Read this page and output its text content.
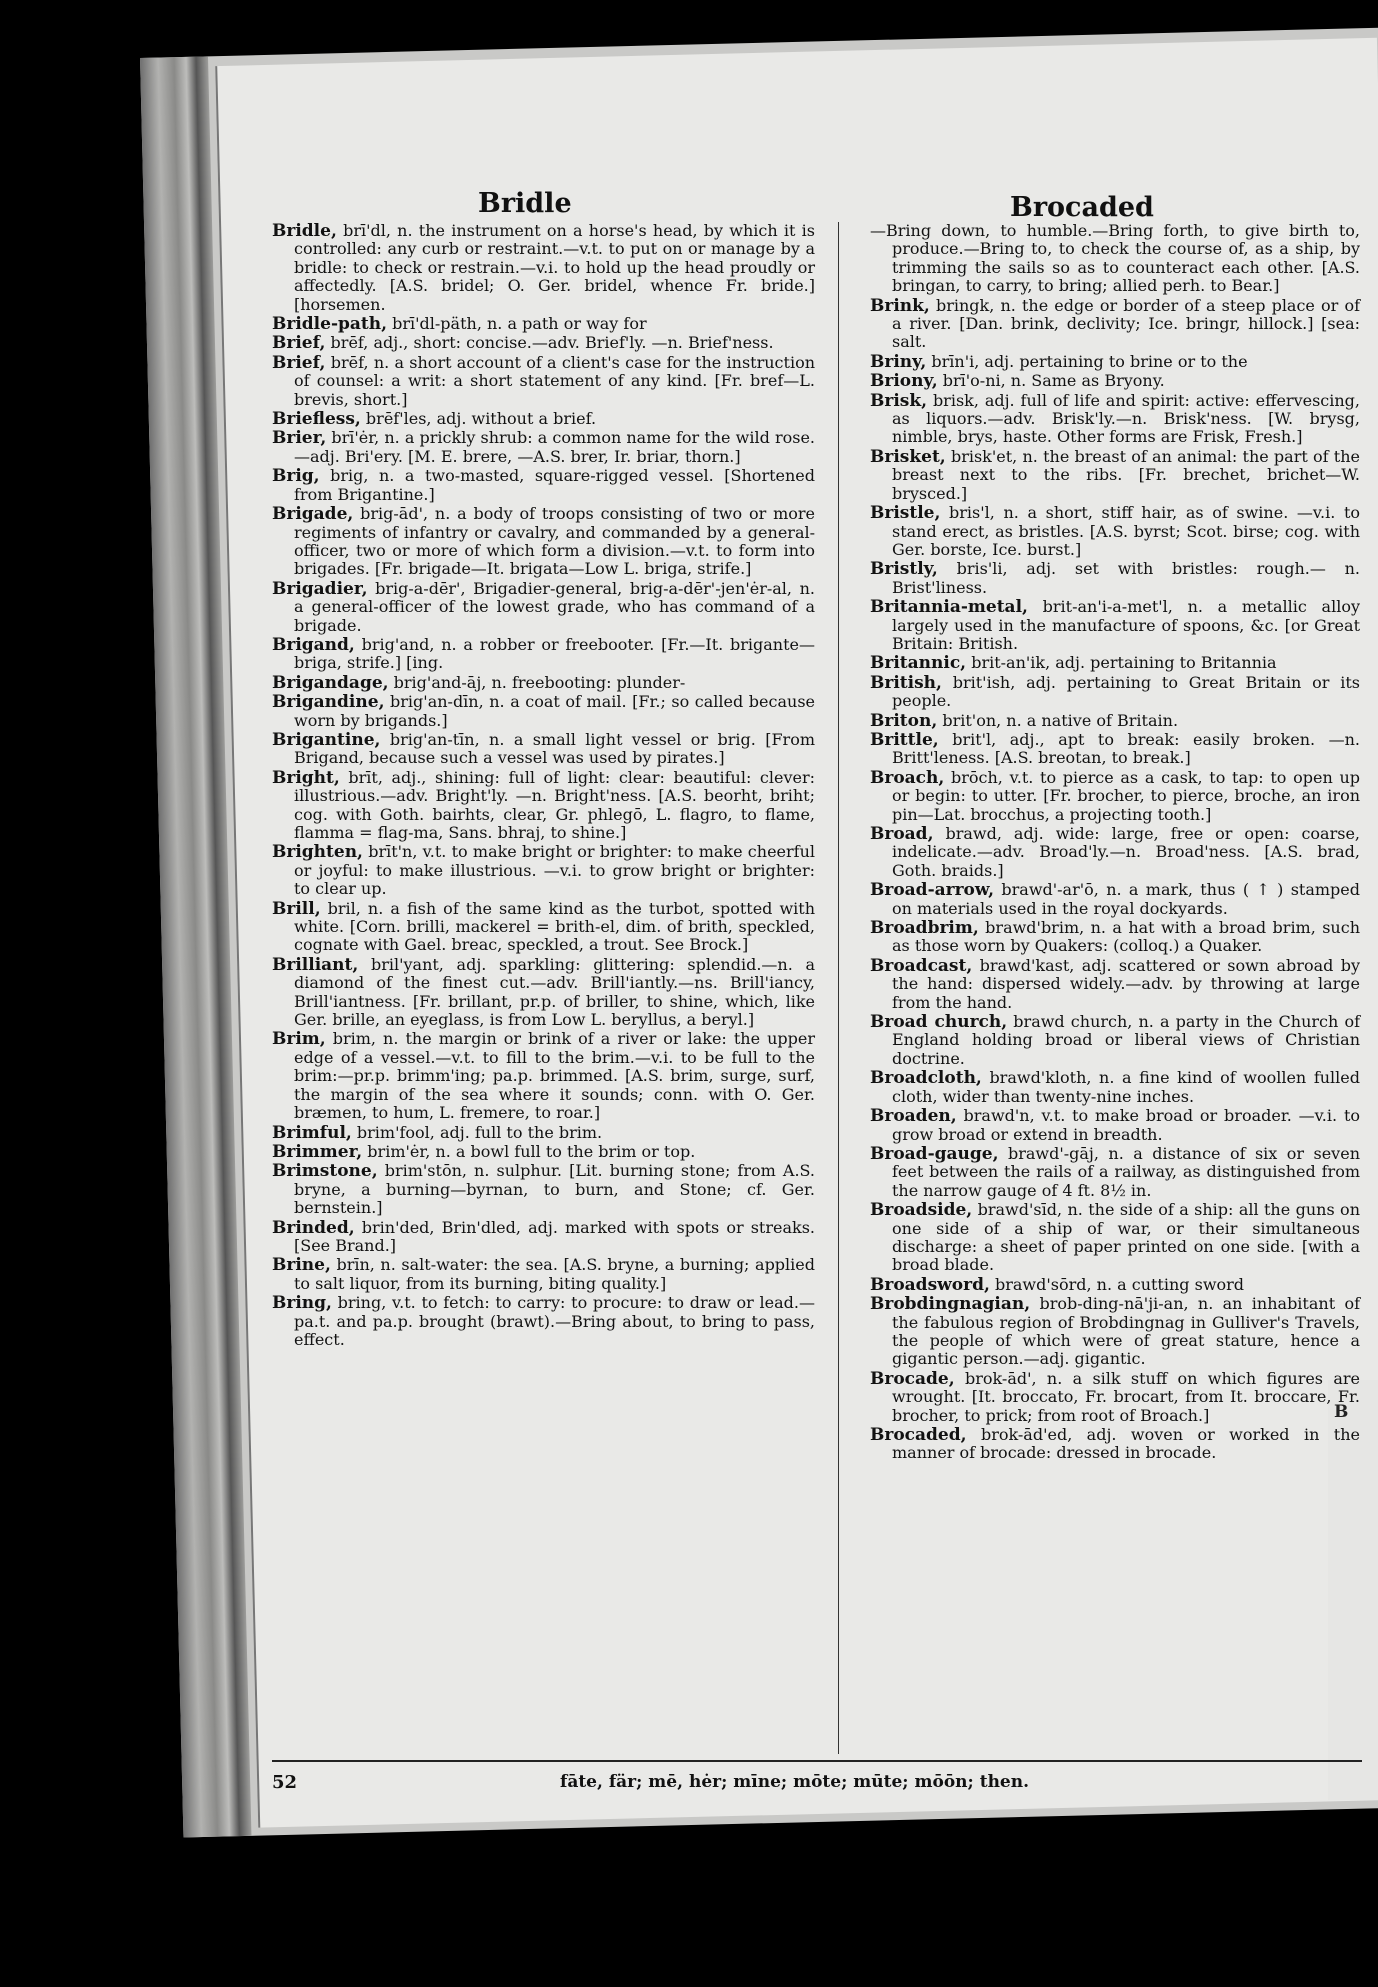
B
Bridle	Brocaded

Bridle, brī'dl, n. the instrument on a horse's head, by which it is controlled: any curb or restraint.—v.t. to put on or manage by a bridle: to check or restrain.—v.i. to hold up the head proudly or affectedly. [A.S. bridel; O. Ger. bridel, whence Fr. bride.] [horsemen.

Bridle-path, brī'dl-päth, n. a path or way for

Brief, brēf, adj., short: concise.—adv. Brief'ly. —n. Brief'ness.

Brief, brēf, n. a short account of a client's case for the instruction of counsel: a writ: a short statement of any kind. [Fr. bref—L. brevis, short.]

Briefless, brēf'les, adj. without a brief.

Brier, brī'ėr, n. a prickly shrub: a common name for the wild rose.—adj. Bri'ery. [M. E. brere, —A.S. brer, Ir. briar, thorn.]

Brig, brig, n. a two-masted, square-rigged vessel. [Shortened from Brigantine.]

Brigade, brig-ād', n. a body of troops consisting of two or more regiments of infantry or cavalry, and commanded by a general-officer, two or more of which form a division.—v.t. to form into brigades. [Fr. brigade—It. brigata—Low L. briga, strife.]

Brigadier, brig-a-dēr', Brigadier-general, brig-a-dēr'-jen'ėr-al, n. a general-officer of the lowest grade, who has command of a brigade.

Brigand, brig'and, n. a robber or freebooter. [Fr.—It. brigante—briga, strife.] [ing.

Brigandage, brig'and-āj, n. freebooting: plunder-

Brigandine, brig'an-dīn, n. a coat of mail. [Fr.; so called because worn by brigands.]

Brigantine, brig'an-tīn, n. a small light vessel or brig. [From Brigand, because such a vessel was used by pirates.]

Bright, brīt, adj., shining: full of light: clear: beautiful: clever: illustrious.—adv. Bright'ly. —n. Bright'ness. [A.S. beorht, briht; cog. with Goth. bairhts, clear, Gr. phlegō, L. flagro, to flame, flamma = flag-ma, Sans. bhraj, to shine.]

Brighten, brīt'n, v.t. to make bright or brighter: to make cheerful or joyful: to make illustrious. —v.i. to grow bright or brighter: to clear up.

Brill, bril, n. a fish of the same kind as the turbot, spotted with white. [Corn. brilli, mackerel = brith-el, dim. of brith, speckled, cognate with Gael. breac, speckled, a trout. See Brock.]

Brilliant, bril'yant, adj. sparkling: glittering: splendid.—n. a diamond of the finest cut.—adv. Brill'iantly.—ns. Brill'iancy, Brill'iantness. [Fr. brillant, pr.p. of briller, to shine, which, like Ger. brille, an eyeglass, is from Low L. beryllus, a beryl.]

Brim, brim, n. the margin or brink of a river or lake: the upper edge of a vessel.—v.t. to fill to the brim.—v.i. to be full to the brim:—pr.p. brimm'ing; pa.p. brimmed. [A.S. brim, surge, surf, the margin of the sea where it sounds; conn. with O. Ger. bræmen, to hum, L. fremere, to roar.]

Brimful, brim'fool, adj. full to the brim.

Brimmer, brim'ėr, n. a bowl full to the brim or top.

Brimstone, brim'stōn, n. sulphur. [Lit. burning stone; from A.S. bryne, a burning—byrnan, to burn, and Stone; cf. Ger. bernstein.]

Brinded, brin'ded, Brin'dled, adj. marked with spots or streaks. [See Brand.]

Brine, brīn, n. salt-water: the sea. [A.S. bryne, a burning; applied to salt liquor, from its burning, biting quality.]

Bring, bring, v.t. to fetch: to carry: to procure: to draw or lead.—pa.t. and pa.p. brought (brawt).—Bring about, to bring to pass, effect.

—Bring down, to humble.—Bring forth, to give birth to, produce.—Bring to, to check the course of, as a ship, by trimming the sails so as to counteract each other. [A.S. bringan, to carry, to bring; allied perh. to Bear.]

Brink, bringk, n. the edge or border of a steep place or of a river. [Dan. brink, declivity; Ice. bringr, hillock.] [sea: salt.

Briny, brīn'i, adj. pertaining to brine or to the

Briony, brī'o-ni, n. Same as Bryony.

Brisk, brisk, adj. full of life and spirit: active: effervescing, as liquors.—adv. Brisk'ly.—n. Brisk'ness. [W. brysg, nimble, brys, haste. Other forms are Frisk, Fresh.]

Brisket, brisk'et, n. the breast of an animal: the part of the breast next to the ribs. [Fr. brechet, brichet—W. brysced.]

Bristle, bris'l, n. a short, stiff hair, as of swine. —v.i. to stand erect, as bristles. [A.S. byrst; Scot. birse; cog. with Ger. borste, Ice. burst.]

Bristly, bris'li, adj. set with bristles: rough.— n. Brist'liness.

Britannia-metal, brit-an'i-a-met'l, n. a metallic alloy largely used in the manufacture of spoons, &c. [or Great Britain: British.

Britannic, brit-an'ik, adj. pertaining to Britannia

British, brit'ish, adj. pertaining to Great Britain or its people.

Briton, brit'on, n. a native of Britain.

Brittle, brit'l, adj., apt to break: easily broken. —n. Britt'leness. [A.S. breotan, to break.]

Broach, brōch, v.t. to pierce as a cask, to tap: to open up or begin: to utter. [Fr. brocher, to pierce, broche, an iron pin—Lat. brocchus, a projecting tooth.]

Broad, brawd, adj. wide: large, free or open: coarse, indelicate.—adv. Broad'ly.—n. Broad'ness. [A.S. brad, Goth. braids.]

Broad-arrow, brawd'-ar'ō, n. a mark, thus ( ↑ ) stamped on materials used in the royal dockyards.

Broadbrim, brawd'brim, n. a hat with a broad brim, such as those worn by Quakers: (colloq.) a Quaker.

Broadcast, brawd'kast, adj. scattered or sown abroad by the hand: dispersed widely.—adv. by throwing at large from the hand.

Broad church, brawd church, n. a party in the Church of England holding broad or liberal views of Christian doctrine.

Broadcloth, brawd'kloth, n. a fine kind of woollen fulled cloth, wider than twenty-nine inches.

Broaden, brawd'n, v.t. to make broad or broader. —v.i. to grow broad or extend in breadth.

Broad-gauge, brawd'-gāj, n. a distance of six or seven feet between the rails of a railway, as distinguished from the narrow gauge of 4 ft. 8½ in.

Broadside, brawd'sīd, n. the side of a ship: all the guns on one side of a ship of war, or their simultaneous discharge: a sheet of paper printed on one side. [with a broad blade.

Broadsword, brawd'sōrd, n. a cutting sword

Brobdingnagian, brob-ding-nā'ji-an, n. an inhabitant of the fabulous region of Brobdingnag in Gulliver's Travels, the people of which were of great stature, hence a gigantic person.—adj. gigantic.

Brocade, brok-ād', n. a silk stuff on which figures are wrought. [It. broccato, Fr. brocart, from It. broccare, Fr. brocher, to prick; from root of Broach.]

Brocaded, brok-ād'ed, adj. woven or worked in the manner of brocade: dressed in brocade.

52	fāte, fär; mē, hėr; mīne; mōte; mūte; mōōn; then.
